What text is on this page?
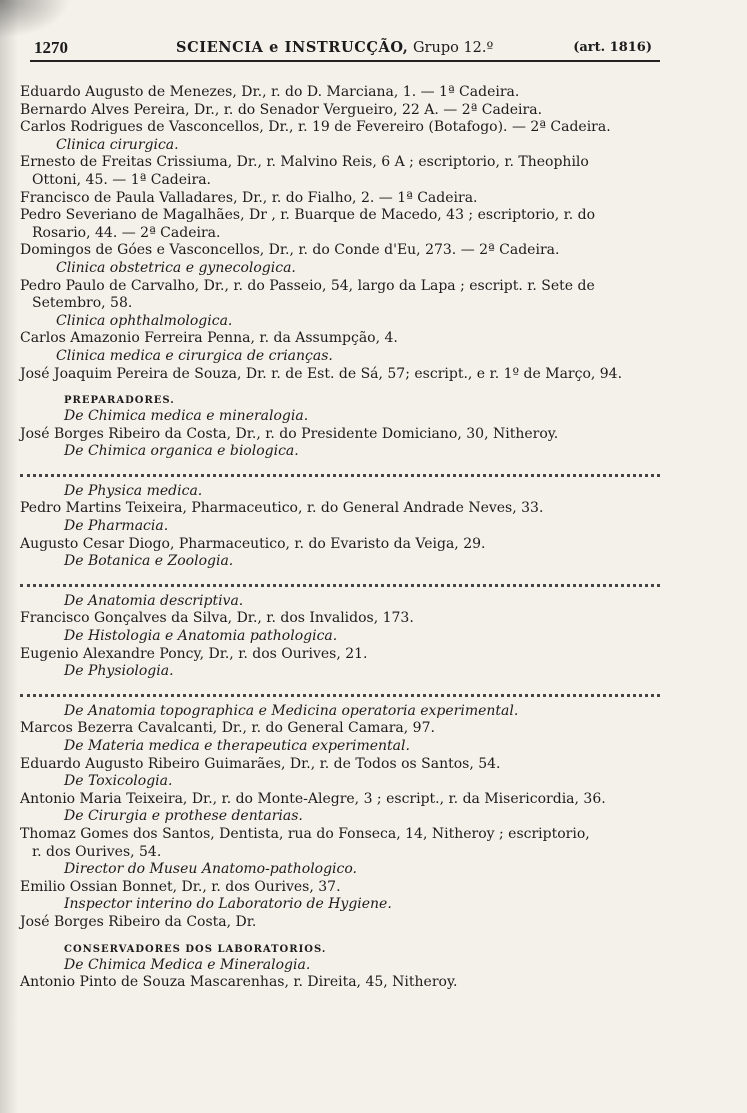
1270	SCIENCIA e INSTRUCÇÃO, Grupo 12.º	(art. 1816)
Eduardo Augusto de Menezes, Dr., r. do D. Marciana, 1. — 1ª Cadeira.
Bernardo Alves Pereira, Dr., r. do Senador Vergueiro, 22 A. — 2ª Cadeira.
Carlos Rodrigues de Vasconcellos, Dr., r. 19 de Fevereiro (Botafogo). — 2ª Cadeira.
Clinica cirurgica.
Ernesto de Freitas Crissiuma, Dr., r. Malvino Reis, 6 A ; escriptorio, r. Theophilo
Ottoni, 45. — 1ª Cadeira.
Francisco de Paula Valladares, Dr., r. do Fialho, 2. — 1ª Cadeira.
Pedro Severiano de Magalhães, Dr , r. Buarque de Macedo, 43 ; escriptorio, r. do
Rosario, 44. — 2ª Cadeira.
Domingos de Góes e Vasconcellos, Dr., r. do Conde d'Eu, 273. — 2ª Cadeira.
Clinica obstetrica e gynecologica.
Pedro Paulo de Carvalho, Dr., r. do Passeio, 54, largo da Lapa ; escript. r. Sete de
Setembro, 58.
Clinica ophthalmologica.
Carlos Amazonio Ferreira Penna, r. da Assumpção, 4.
Clinica medica e cirurgica de crianças.
José Joaquim Pereira de Souza, Dr. r. de Est. de Sá, 57; escript., e r. 1º de Março, 94.
PREPARADORES.
De Chimica medica e mineralogia.
José Borges Ribeiro da Costa, Dr., r. do Presidente Domiciano, 30, Nitheroy.
De Chimica organica e biologica.
De Physica medica.
Pedro Martins Teixeira, Pharmaceutico, r. do General Andrade Neves, 33.
De Pharmacia.
Augusto Cesar Diogo, Pharmaceutico, r. do Evaristo da Veiga, 29.
De Botanica e Zoologia.
De Anatomia descriptiva.
Francisco Gonçalves da Silva, Dr., r. dos Invalidos, 173.
De Histologia e Anatomia pathologica.
Eugenio Alexandre Poncy, Dr., r. dos Ourives, 21.
De Physiologia.
De Anatomia topographica e Medicina operatoria experimental.
Marcos Bezerra Cavalcanti, Dr., r. do General Camara, 97.
De Materia medica e therapeutica experimental.
Eduardo Augusto Ribeiro Guimarães, Dr., r. de Todos os Santos, 54.
De Toxicologia.
Antonio Maria Teixeira, Dr., r. do Monte-Alegre, 3 ; escript., r. da Misericordia, 36.
De Cirurgia e prothese dentarias.
Thomaz Gomes dos Santos, Dentista, rua do Fonseca, 14, Nitheroy ; escriptorio,
r. dos Ourives, 54.
Director do Museu Anatomo-pathologico.
Emilio Ossian Bonnet, Dr., r. dos Ourives, 37.
Inspector interino do Laboratorio de Hygiene.
José Borges Ribeiro da Costa, Dr.
CONSERVADORES DOS LABORATORIOS.
De Chimica Medica e Mineralogia.
Antonio Pinto de Souza Mascarenhas, r. Direita, 45, Nitheroy.
